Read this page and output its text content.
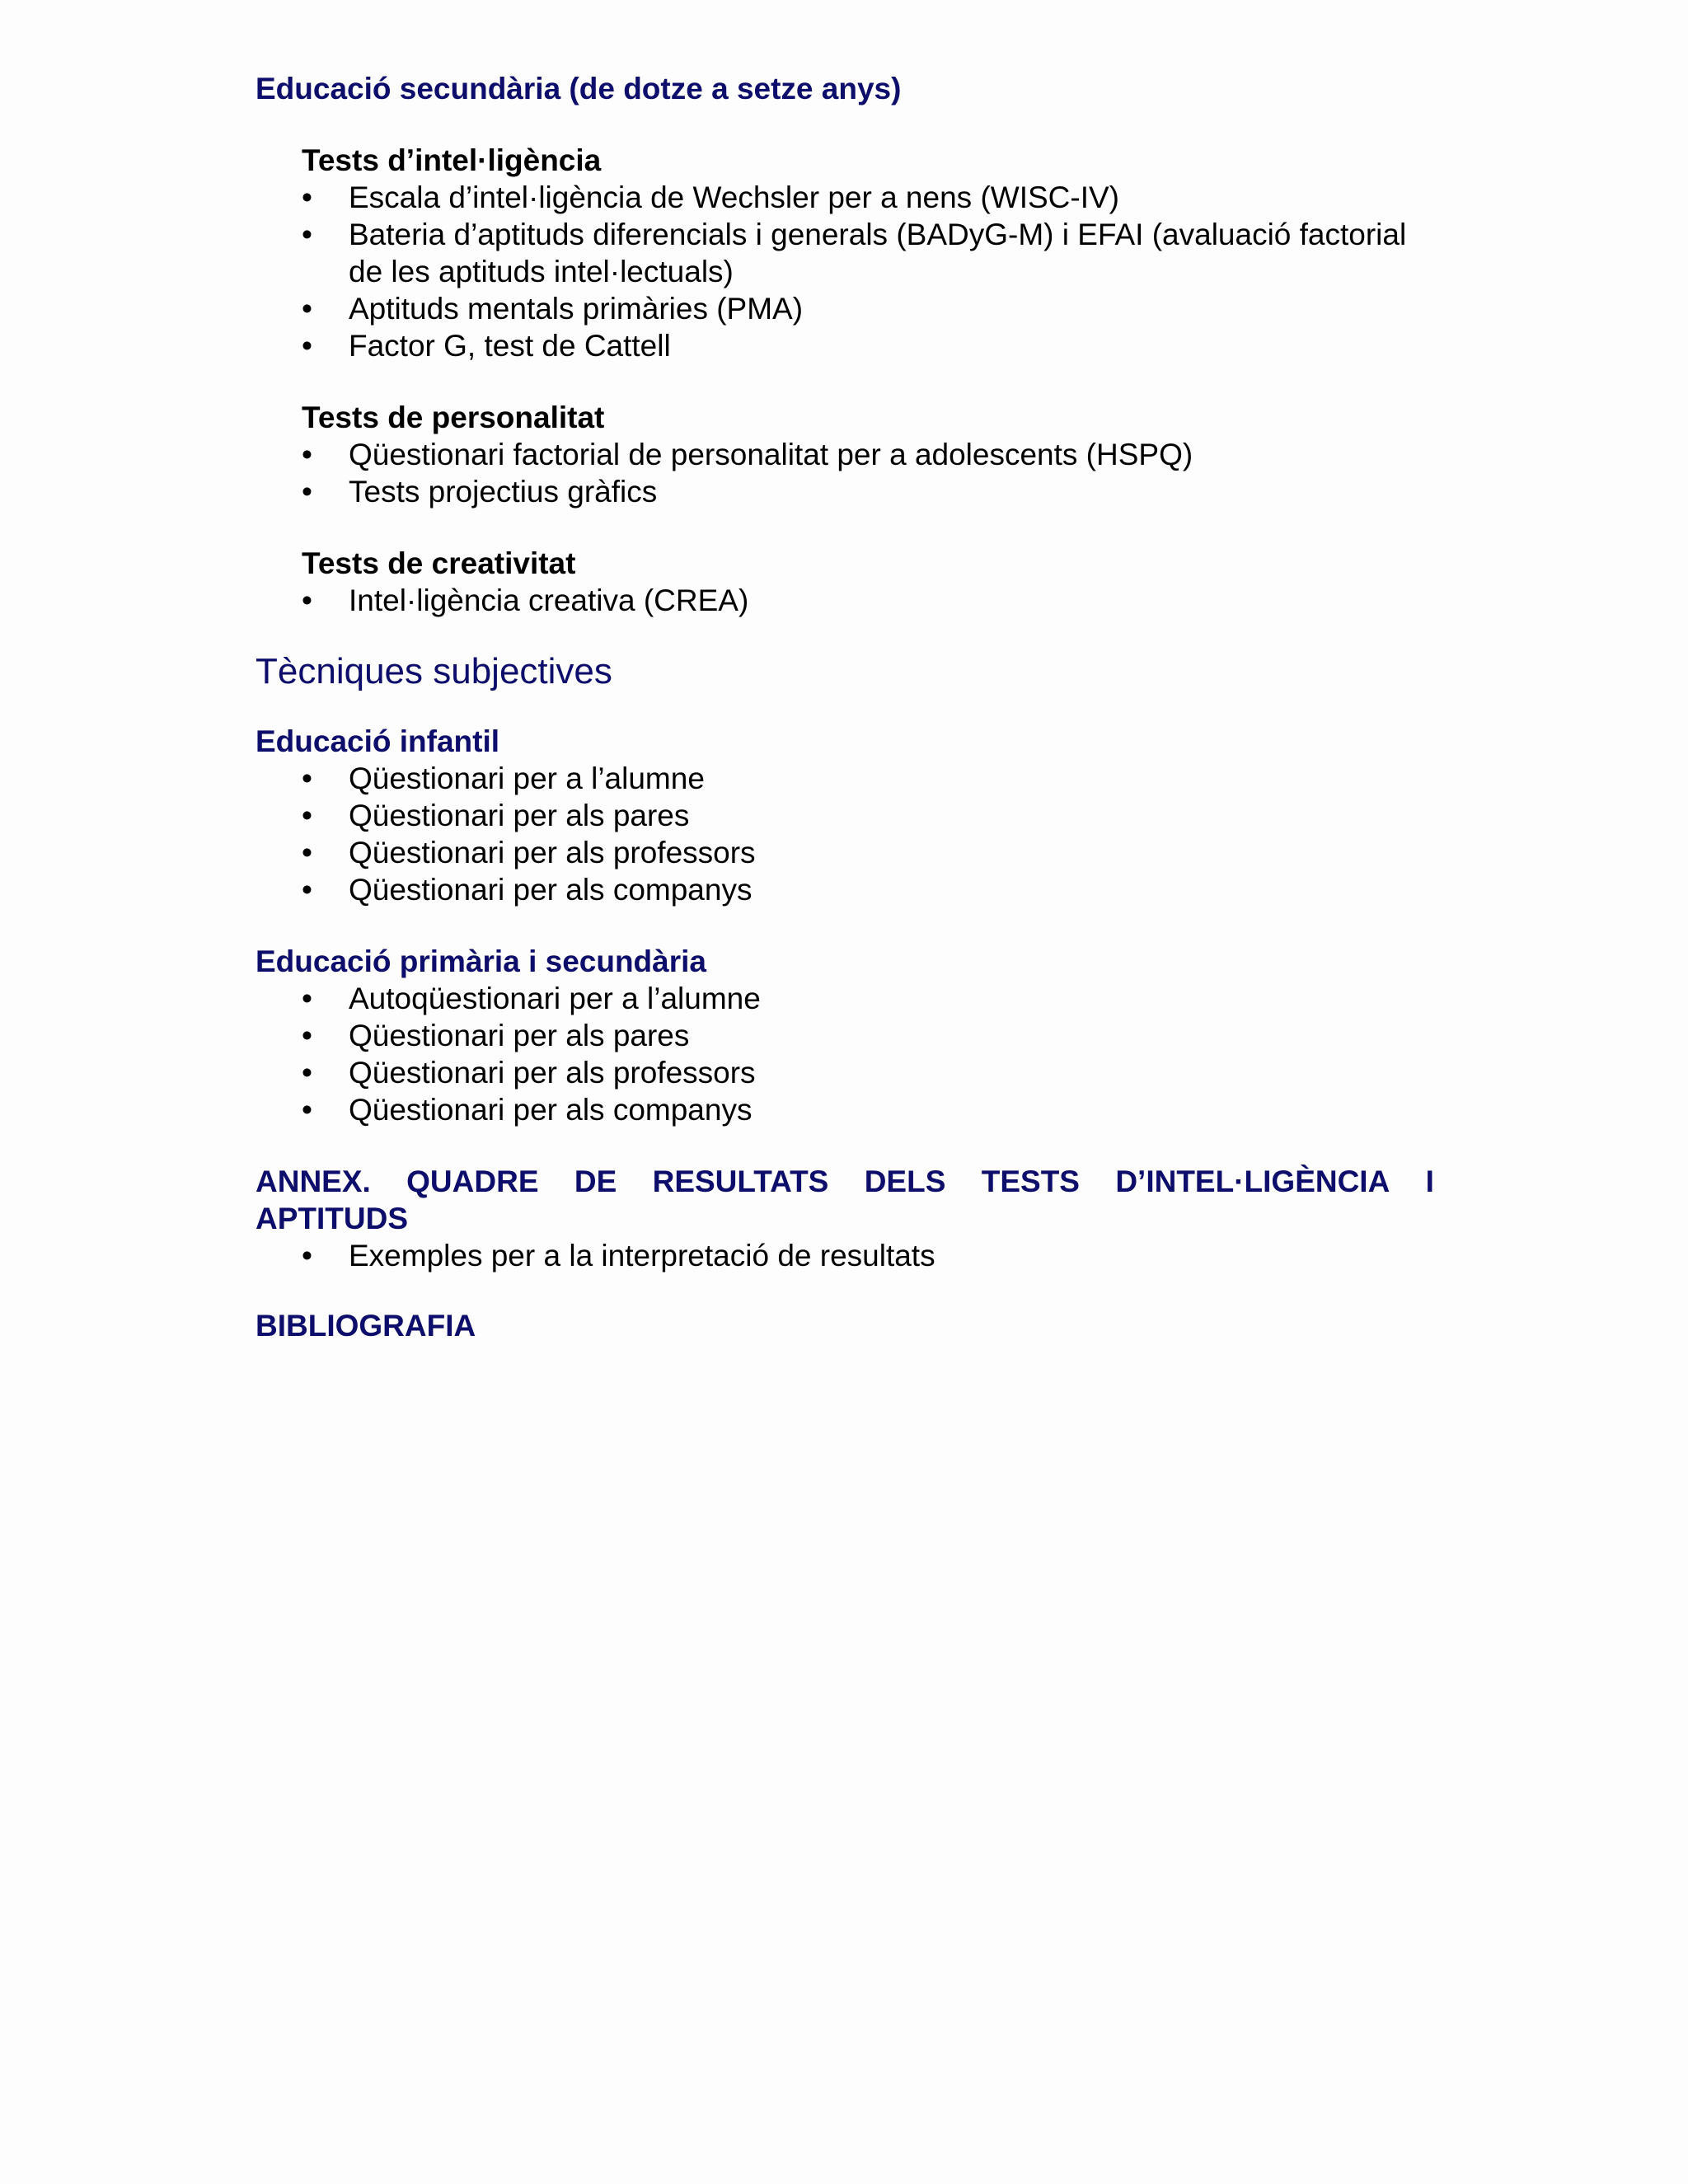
Educació secundària (de dotze a setze anys)
Tests d’intel·ligència
•	Escala d’intel·ligència de Wechsler per a nens (WISC-IV)
•	Bateria d’aptituds diferencials i generals (BADyG-M) i EFAI (avaluació factorial
de les aptituds intel·lectuals)
•	Aptituds mentals primàries (PMA)
•	Factor G, test de Cattell
Tests de personalitat
•	Qüestionari factorial de personalitat per a adolescents (HSPQ)
•	Tests projectius gràfics
Tests de creativitat
•	Intel·ligència creativa (CREA)
Tècniques subjectives
Educació infantil
•	Qüestionari per a l’alumne
•	Qüestionari per als pares
•	Qüestionari per als professors
•	Qüestionari per als companys
Educació primària i secundària
•	Autoqüestionari per a l’alumne
•	Qüestionari per als pares
•	Qüestionari per als professors
•	Qüestionari per als companys
ANNEX. QUADRE DE RESULTATS DELS TESTS D’INTEL·LIGÈNCIA I
APTITUDS
•	Exemples per a la interpretació de resultats
BIBLIOGRAFIA
